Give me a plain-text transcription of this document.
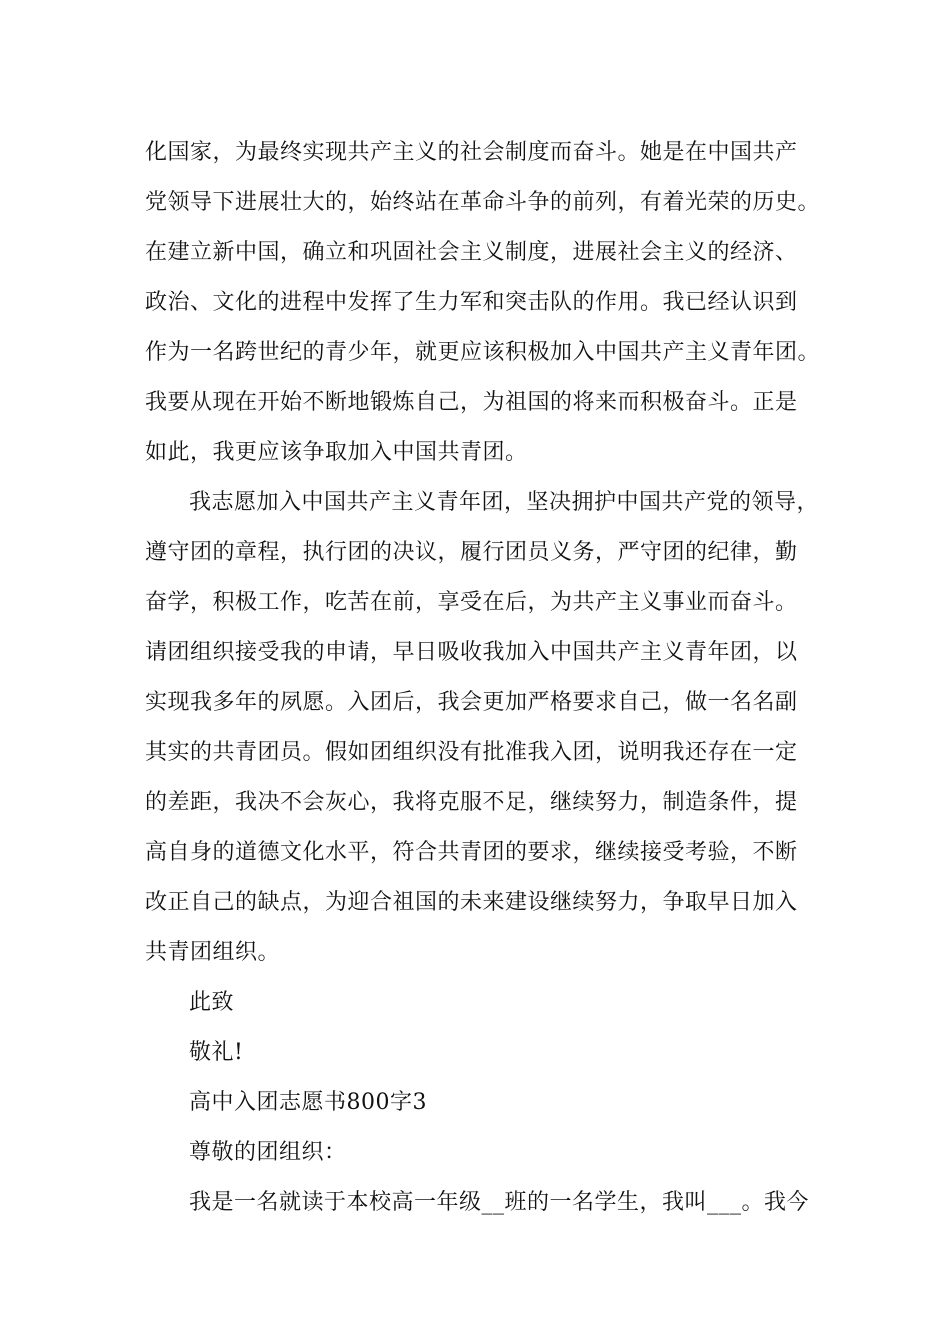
化国家，为最终实现共产主义的社会制度而奋斗。她是在中国共产
党领导下进展壮大的，始终站在革命斗争的前列，有着光荣的历史。
在建立新中国，确立和巩固社会主义制度，进展社会主义的经济、
政治、文化的进程中发挥了生力军和突击队的作用。我已经认识到
作为一名跨世纪的青少年，就更应该积极加入中国共产主义青年团。
我要从现在开始不断地锻炼自己，为祖国的将来而积极奋斗。正是
如此，我更应该争取加入中国共青团。
我志愿加入中国共产主义青年团，坚决拥护中国共产党的领导，
遵守团的章程，执行团的决议，履行团员义务，严守团的纪律，勤
奋学，积极工作，吃苦在前，享受在后，为共产主义事业而奋斗。
请团组织接受我的申请，早日吸收我加入中国共产主义青年团，以
实现我多年的夙愿。入团后，我会更加严格要求自己，做一名名副
其实的共青团员。假如团组织没有批准我入团，说明我还存在一定
的差距，我决不会灰心，我将克服不足，继续努力，制造条件，提
高自身的道德文化水平，符合共青团的要求，继续接受考验，不断
改正自己的缺点，为迎合祖国的未来建设继续努力，争取早日加入
共青团组织。
此致
敬礼!
高中入团志愿书800字3
尊敬的团组织：
我是一名就读于本校高一年级__班的一名学生，我叫___。我今
